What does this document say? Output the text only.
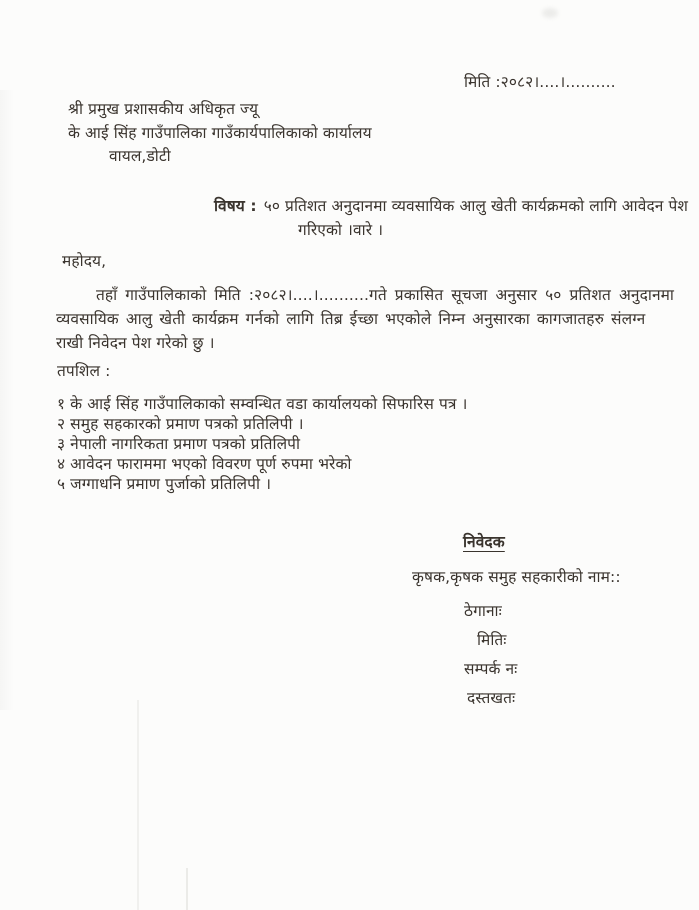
मिति :२०८२।....।..........
श्री प्रमुख प्रशासकीय अधिकृत ज्यू
के आई सिंह गाउँपालिका गाउँकार्यपालिकाको कार्यालय
वायल,डोटी
विषय : ५० प्रतिशत अनुदानमा व्यवसायिक आलु खेती कार्यक्रमको लागि आवेदन पेश
गरिएको ।वारे ।
महोदय,
तहाँ गाउँपालिकाको मिति :२०८२।....।..........गते प्रकासित सूचजा अनुसार ५० प्रतिशत अनुदानमा
व्यवसायिक आलु खेती कार्यक्रम गर्नको लागि तिब्र ईच्छा भएकोले निम्न अनुसारका कागजातहरु संलग्न
राखी निवेदन पेश गरेको छु ।
तपशिल :
१ के आई सिंह गाउँपालिकाको सम्वन्धित वडा कार्यालयको सिफारिस पत्र ।
२ समुह सहकारको प्रमाण पत्रको प्रतिलिपी ।
३ नेपाली नागरिकता प्रमाण पत्रको प्रतिलिपी
४ आवेदन फाराममा भएको विवरण पूर्ण रुपमा भरेको
५ जग्गाधनि प्रमाण पुर्जाको प्रतिलिपी ।
निवेदक
कृषक,कृषक समुह सहकारीको नाम::
ठेगानाः
मितिः
सम्पर्क नः
दस्तखतः
